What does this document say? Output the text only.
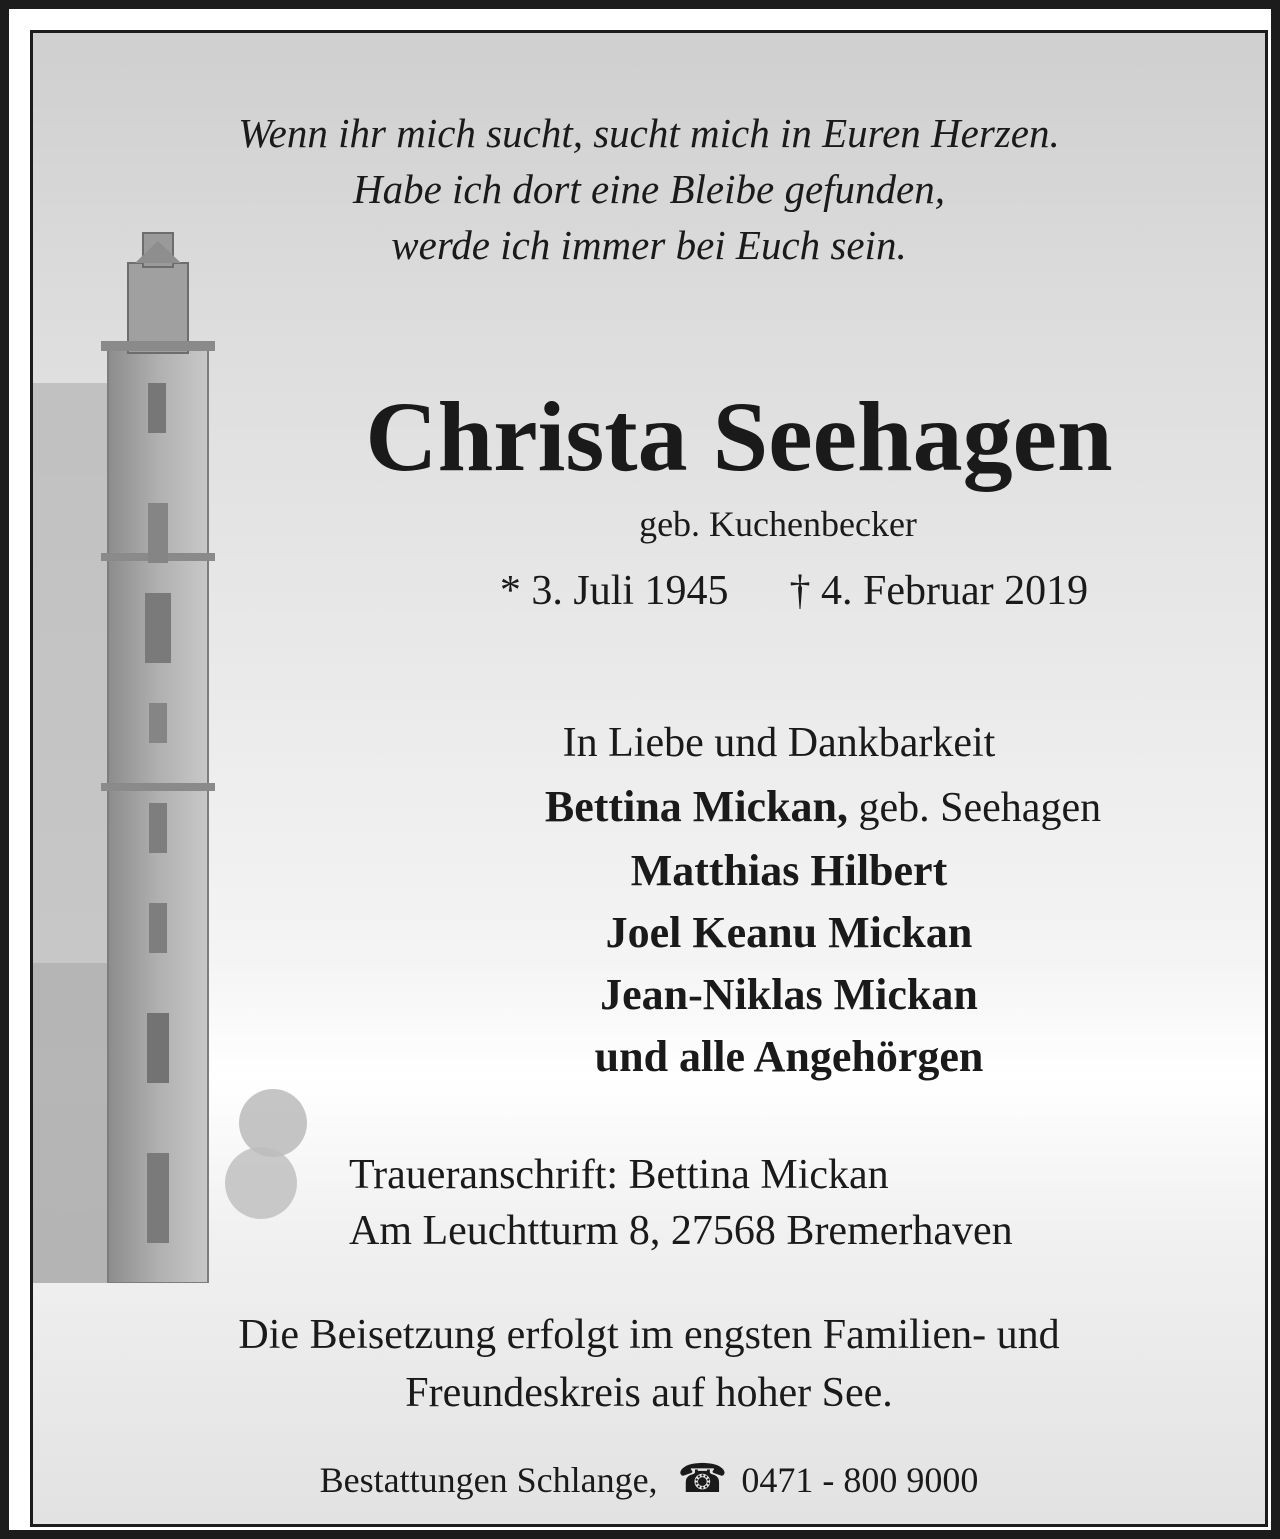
Wenn ihr mich sucht, sucht mich in Euren Herzen.
Habe ich dort eine Bleibe gefunden,
werde ich immer bei Euch sein.
Christa Seehagen
geb. Kuchenbecker
* 3. Juli 1945 † 4. Februar 2019
In Liebe und Dankbarkeit
Bettina Mickan, geb. Seehagen
Matthias Hilbert
Joel Keanu Mickan
Jean-Niklas Mickan
und alle Angehörgen
Traueranschrift: Bettina Mickan
Am Leuchtturm 8, 27568 Bremerhaven
Die Beisetzung erfolgt im engsten Familien- und
Freundeskreis auf hoher See.
Bestattungen Schlange, ☎ 0471 - 800 9000
